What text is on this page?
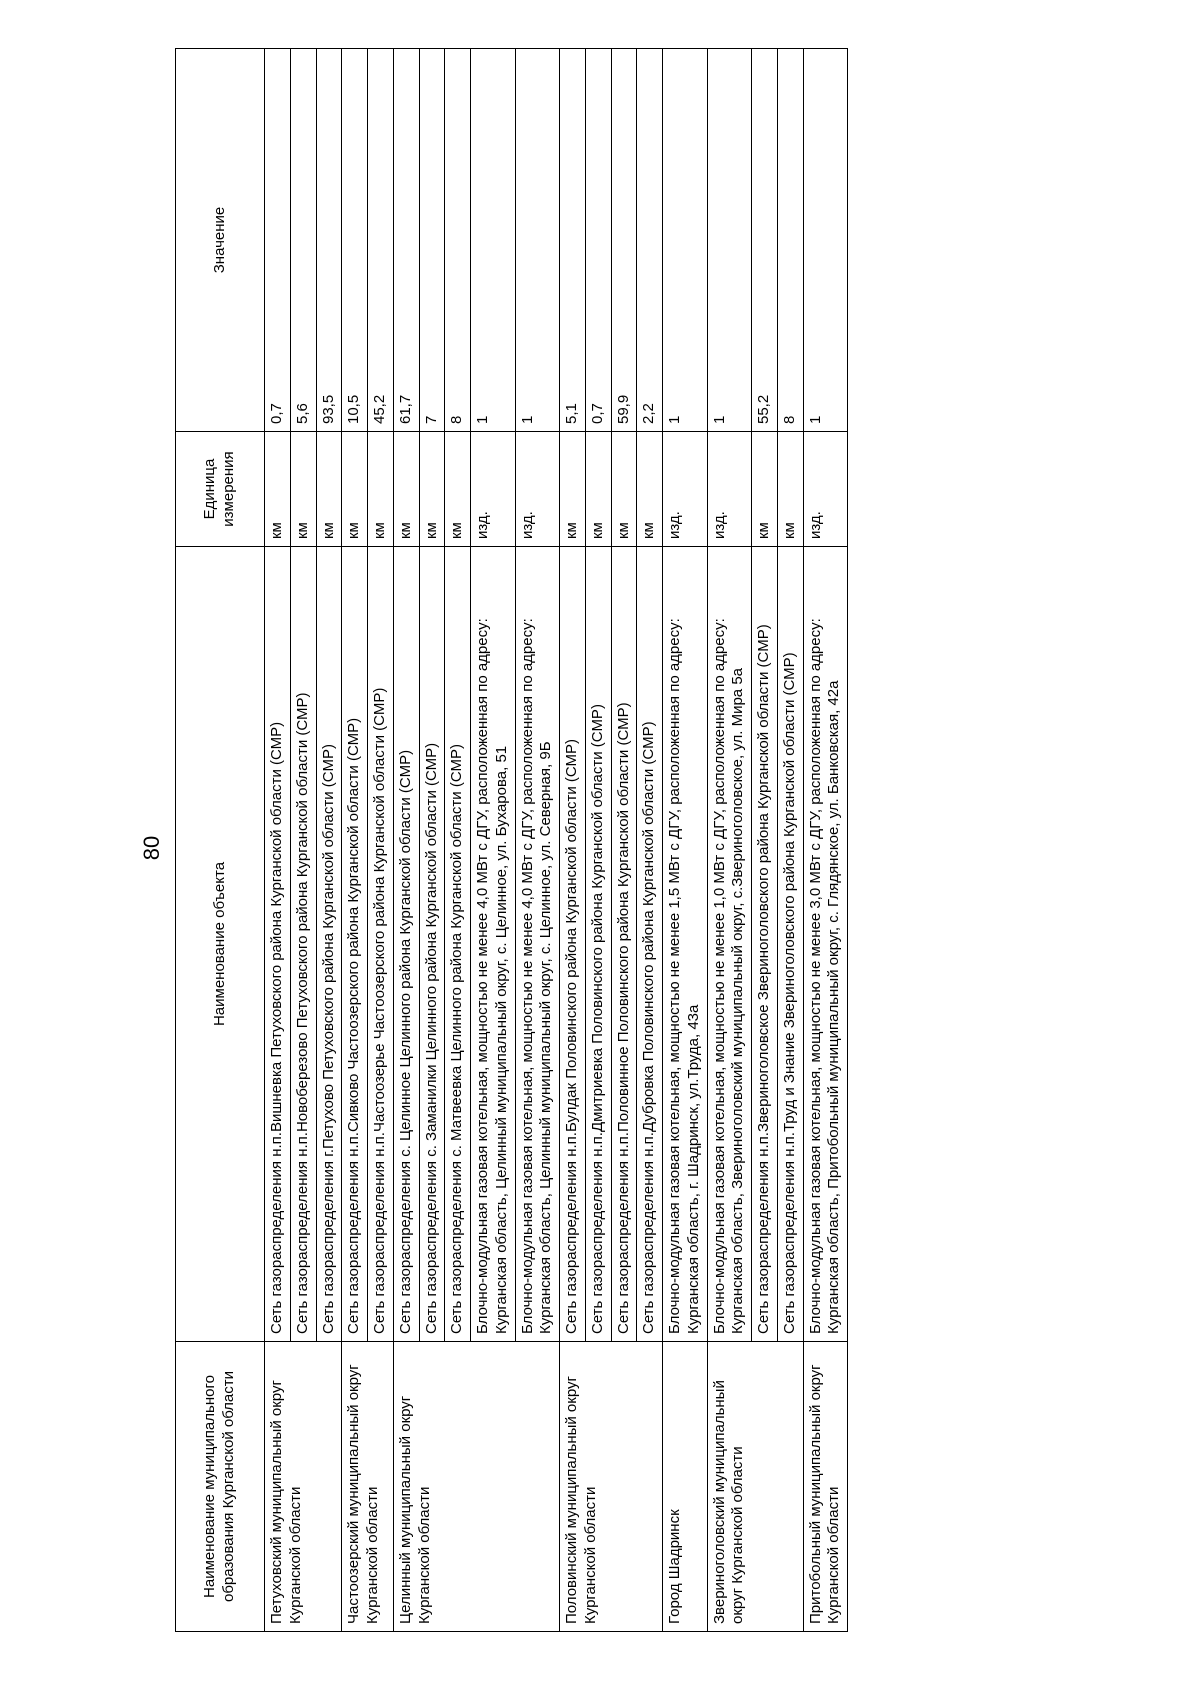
80
Наименование муниципального образования Курганской области	Наименование объекта	Единица измерения	Значение
Петуховский муниципальный округ Курганской области	Сеть газораспределения н.п.Вишневка Петуховского района Курганской области (СМР)	км	0,7
	Сеть газораспределения н.п.Новоберезово Петуховского района Курганской области (СМР)	км	5,6
	Сеть газораспределения г.Петухово Петуховского района Курганской области (СМР)	км	93,5
Частоозерский муниципальный округ Курганской области	Сеть газораспределения н.п.Сивково Частоозерского района Курганской области (СМР)	км	10,5
	Сеть газораспределения н.п.Частоозерье Частоозерского района Курганской области (СМР)	км	45,2
Целинный муниципальный округ Курганской области	Сеть газораспределения с. Целинное Целинного района Курганской области (СМР)	км	61,7
	Сеть газораспределения с. Заманилки Целинного района Курганской области (СМР)	км	7
	Сеть газораспределения с. Матвеевка Целинного района Курганской области (СМР)	км	8
	Блочно-модульная газовая котельная, мощностью не менее 4,0 МВт с ДГУ, расположенная по адресу: Курганская область, Целинный муниципальный округ, с. Целинное, ул. Бухарова, 51	изд.	1
	Блочно-модульная газовая котельная, мощностью не менее 4,0 МВт с ДГУ, расположенная по адресу: Курганская область, Целинный муниципальный округ, с. Целинное, ул. Северная, 9Б	изд.	1
Половинский муниципальный округ Курганской области	Сеть газораспределения н.п.Булдак Половинского района Курганской области (СМР)	км	5,1
	Сеть газораспределения н.п.Дмитриевка Половинского района Курганской области (СМР)	км	0,7
	Сеть газораспределения н.п.Половинное Половинского района Курганской области (СМР)	км	59,9
	Сеть газораспределения н.п.Дубровка Половинского района Курганской области (СМР)	км	2,2
Город Шадринск	Блочно-модульная газовая котельная, мощностью не менее 1,5 МВт с ДГУ, расположенная по адресу: Курганская область, г. Шадринск, ул.Труда, 43а	изд.	1
Звериноголовский муниципальный округ Курганской области	Блочно-модульная газовая котельная, мощностью не менее 1,0 МВт с ДГУ, расположенная по адресу: Курганская область, Звериноголовский муниципальный округ, с.Звериноголовское, ул. Мира 5а	изд.	1
	Сеть газораспределения н.п.Звериноголовское Звериноголовского района Курганской области (СМР)	км	55,2
	Сеть газораспределения н.п.Труд и Знание Звериноголовского района Курганской области (СМР)	км	8
Притобольный муниципальный округ Курганской области	Блочно-модульная газовая котельная, мощностью не менее 3,0 МВт с ДГУ, расположенная по адресу: Курганская область, Притобольный муниципальный округ, с. Глядянское, ул. Банковская, 42а	изд.	1
